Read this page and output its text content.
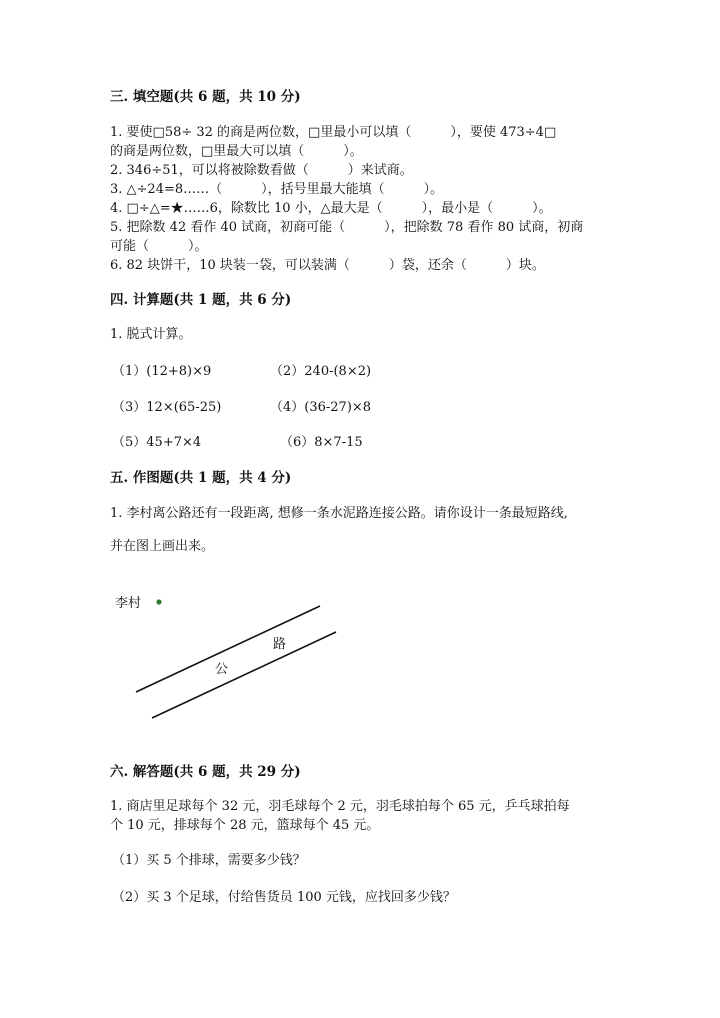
三. 填空题(共 6 题，共 10 分)
1. 要使□58÷ 32 的商是两位数，□里最小可以填（　　　），要使 473÷4□
的商是两位数，□里最大可以填（　　　）。
2. 346÷51，可以将被除数看做（　　　）来试商。
3. △÷24=8……（　　　），括号里最大能填（　　　）。
4. □÷△=★……6，除数比 10 小，△最大是（　　　），最小是（　　　）。
5. 把除数 42 看作 40 试商，初商可能（　　　），把除数 78 看作 80 试商，初商
可能（　　　）。
6. 82 块饼干，10 块装一袋，可以装满（　　　）袋，还余（　　　）块。
四. 计算题(共 1 题，共 6 分)
1. 脱式计算。
（1）(12+8)×9	（2）240-(8×2)
（3）12×(65-25)	（4）(36-27)×8
（5）45+7×4	（6）8×7-15
五. 作图题(共 1 题，共 4 分)
1. 李村离公路还有一段距离, 想修一条水泥路连接公路。请你设计一条最短路线,
并在图上画出来。
李村
公
路
六. 解答题(共 6 题，共 29 分)
1. 商店里足球每个 32 元，羽毛球每个 2 元，羽毛球拍每个 65 元，乒乓球拍每
个 10 元，排球每个 28 元，篮球每个 45 元。
（1）买 5 个排球，需要多少钱？
（2）买 3 个足球，付给售货员 100 元钱，应找回多少钱？
